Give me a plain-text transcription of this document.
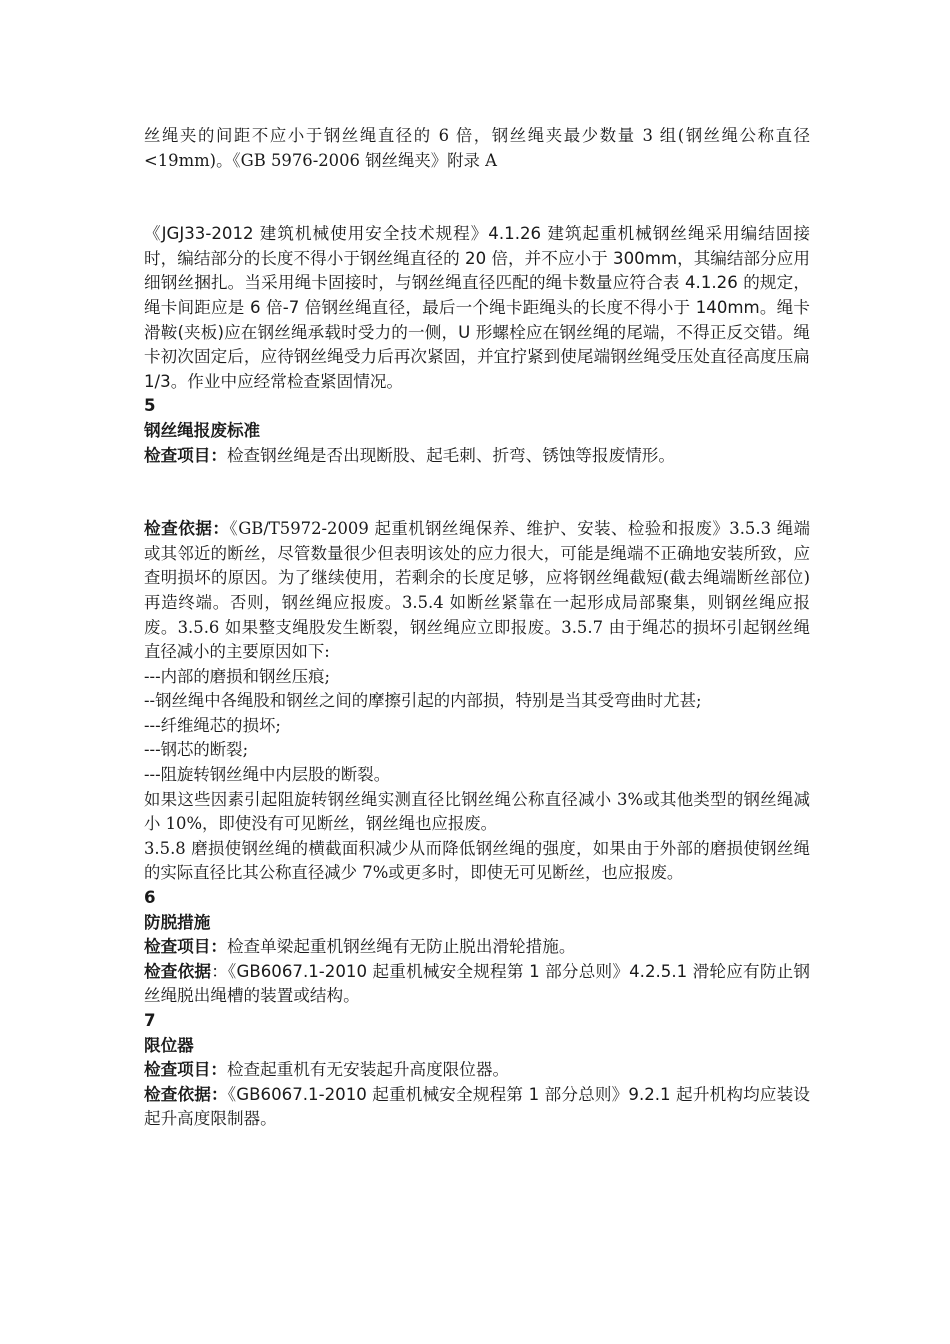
丝绳夹的间距不应小于钢丝绳直径的 6 倍，钢丝绳夹最少数量 3 组(钢丝绳公称直径<19mm)。《GB 5976-2006 钢丝绳夹》附录 A

《JGJ33-2012 建筑机械使用安全技术规程》4.1.26 建筑起重机械钢丝绳采用编结固接时，编结部分的长度不得小于钢丝绳直径的 20 倍，并不应小于 300mm，其编结部分应用细钢丝捆扎。当采用绳卡固接时，与钢丝绳直径匹配的绳卡数量应符合表 4.1.26 的规定，绳卡间距应是 6 倍-7 倍钢丝绳直径，最后一个绳卡距绳头的长度不得小于 140mm。绳卡滑鞍(夹板)应在钢丝绳承载时受力的一侧，U 形螺栓应在钢丝绳的尾端，不得正反交错。绳卡初次固定后，应待钢丝绳受力后再次紧固，并宜拧紧到使尾端钢丝绳受压处直径高度压扁 1/3。作业中应经常检查紧固情况。

5

钢丝绳报废标准

检查项目：检查钢丝绳是否出现断股、起毛刺、折弯、锈蚀等报废情形。

检查依据：《GB/T5972-2009 起重机钢丝绳保养、维护、安装、检验和报废》3.5.3 绳端或其邻近的断丝，尽管数量很少但表明该处的应力很大，可能是绳端不正确地安装所致，应查明损坏的原因。为了继续使用，若剩余的长度足够，应将钢丝绳截短(截去绳端断丝部位)再造终端。否则，钢丝绳应报废。3.5.4 如断丝紧靠在一起形成局部聚集，则钢丝绳应报废。3.5.6 如果整支绳股发生断裂，钢丝绳应立即报废。3.5.7 由于绳芯的损坏引起钢丝绳直径减小的主要原因如下:

---内部的磨损和钢丝压痕;

--钢丝绳中各绳股和钢丝之间的摩擦引起的内部损，特别是当其受弯曲时尤甚;

---纤维绳芯的损坏;

---钢芯的断裂;

---阻旋转钢丝绳中内层股的断裂。

如果这些因素引起阻旋转钢丝绳实测直径比钢丝绳公称直径减小 3%或其他类型的钢丝绳减小 10%，即使没有可见断丝，钢丝绳也应报废。

3.5.8 磨损使钢丝绳的横截面积减少从而降低钢丝绳的强度，如果由于外部的磨损使钢丝绳的实际直径比其公称直径减少 7%或更多时，即使无可见断丝，也应报废。

6

防脱措施

检查项目：检查单梁起重机钢丝绳有无防止脱出滑轮措施。

检查依据：《GB6067.1-2010 起重机械安全规程第 1 部分总则》4.2.5.1 滑轮应有防止钢丝绳脱出绳槽的装置或结构。

7

限位器

检查项目：检查起重机有无安装起升高度限位器。

检查依据：《GB6067.1-2010 起重机械安全规程第 1 部分总则》9.2.1 起升机构均应装设起升高度限制器。
